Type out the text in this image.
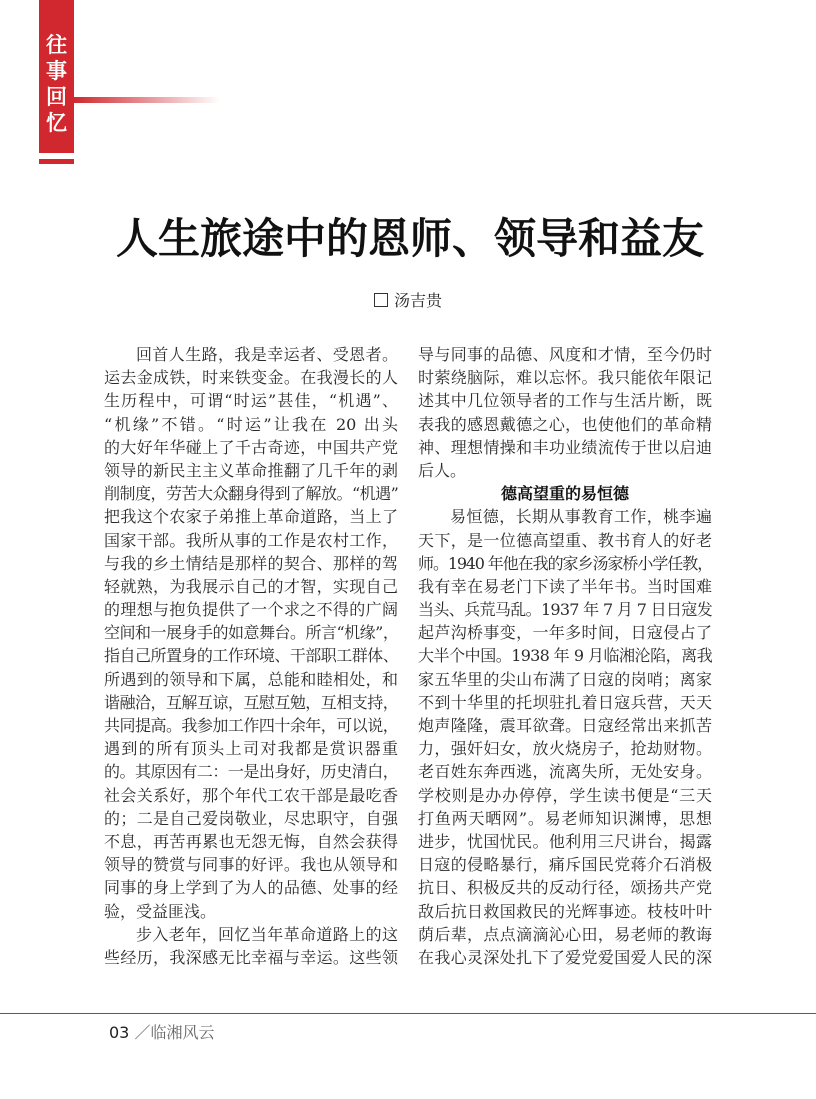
往
事
回
忆
人生旅途中的恩师、领导和益友
汤吉贵
回首人生路，我是幸运者、受恩者。
运去金成铁，时来铁变金。在我漫长的人
生历程中，可谓“时运”甚佳，“机遇”、
“机缘”不错。“时运”让我在 20 出头
的大好年华碰上了千古奇迹，中国共产党
领导的新民主主义革命推翻了几千年的剥
削制度，劳苦大众翻身得到了解放。“机遇”
把我这个农家子弟推上革命道路，当上了
国家干部。我所从事的工作是农村工作，
与我的乡土情结是那样的契合、那样的驾
轻就熟，为我展示自己的才智，实现自己
的理想与抱负提供了一个求之不得的广阔
空间和一展身手的如意舞台。所言“机缘”，
指自己所置身的工作环境、干部职工群体、
所遇到的领导和下属，总能和睦相处，和
谐融洽，互解互谅，互慰互勉，互相支持，
共同提高。我参加工作四十余年，可以说，
遇到的所有顶头上司对我都是赏识器重
的。其原因有二：一是出身好，历史清白，
社会关系好，那个年代工农干部是最吃香
的；二是自己爱岗敬业，尽忠职守，自强
不息，再苦再累也无怨无悔，自然会获得
领导的赞赏与同事的好评。我也从领导和
同事的身上学到了为人的品德、处事的经
验，受益匪浅。
步入老年，回忆当年革命道路上的这
些经历，我深感无比幸福与幸运。这些领
导与同事的品德、风度和才情，至今仍时
时萦绕脑际，难以忘怀。我只能依年限记
述其中几位领导者的工作与生活片断，既
表我的感恩戴德之心，也使他们的革命精
神、理想情操和丰功业绩流传于世以启迪
后人。
德高望重的易恒德
易恒德，长期从事教育工作，桃李遍
天下，是一位德高望重、教书育人的好老
师。1940 年他在我的家乡汤家桥小学任教，
我有幸在易老门下读了半年书。当时国难
当头、兵荒马乱。1937 年 7 月 7 日日寇发
起芦沟桥事变，一年多时间，日寇侵占了
大半个中国。1938 年 9 月临湘沦陷，离我
家五华里的尖山布满了日寇的岗哨；离家
不到十华里的托坝驻扎着日寇兵营，天天
炮声隆隆，震耳欲聋。日寇经常出来抓苦
力，强奸妇女，放火烧房子，抢劫财物。
老百姓东奔西逃，流离失所，无处安身。
学校则是办办停停，学生读书便是“三天
打鱼两天晒网”。易老师知识渊博，思想
进步，忧国忧民。他利用三尺讲台，揭露
日寇的侵略暴行，痛斥国民党蒋介石消极
抗日、积极反共的反动行径，颂扬共产党
敌后抗日救国救民的光辉事迹。枝枝叶叶
荫后辈，点点滴滴沁心田，易老师的教诲
在我心灵深处扎下了爱党爱国爱人民的深
03 ／临湘风云
